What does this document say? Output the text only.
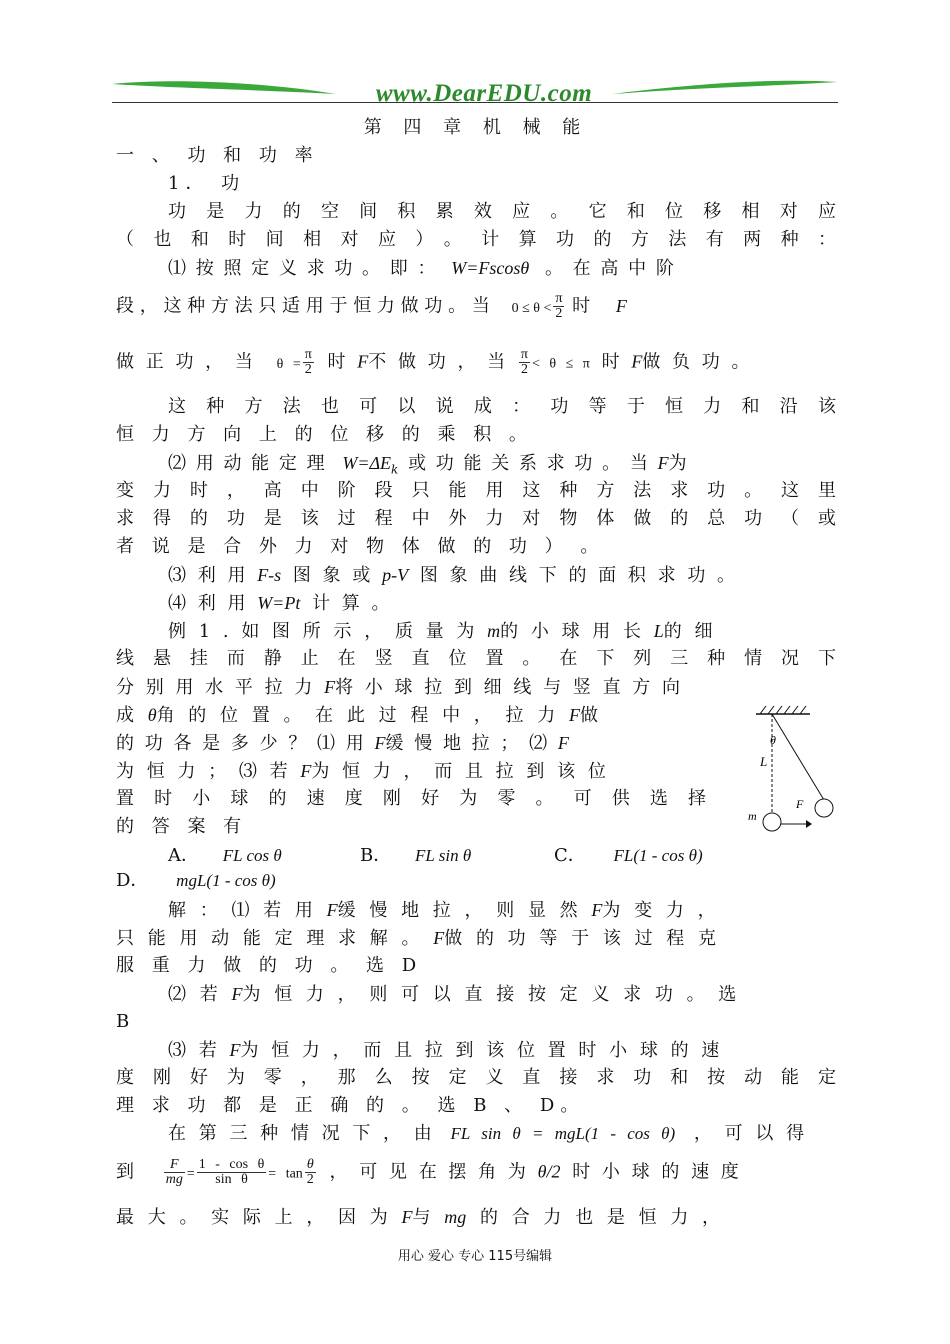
www.DearEDU.com
第 四 章 机 械 能
一 、 功 和 功 率
1． 功
功是力的空间积累效应。它和位移相对应
（也和时间相对应）。计算功的方法有两种：
⑴ 按 照 定 义 求 功 。 即 ： W=Fscosθ 。 在 高 中 阶
段 ， 这 种 方 法 只 适 用 于 恒 力 做 功 。 当 $0 \le \theta < \frac{\pi}{2}$ 时 F
做 正 功 ， 当 $\theta = \frac{\pi}{2}$ 时 F不 做 功 ， 当 $\frac{\pi}{2} < \theta \le \pi$ 时 F做 负 功 。
这种方法也可以说成：功等于恒力和沿该
恒 力 方 向 上 的 位 移 的 乘 积 。
⑵ 用 动 能 定 理 $W=\Delta E_k$ 或 功 能 关 系 求 功 。 当 F为
变力时，高中阶段只能用这种方法求功。这里
求得的功是该过程中外力对物体做的总功（或
者 说 是 合 外 力 对 物 体 做 的 功 ） 。
⑶ 利 用 F-s 图 象 或 p-V 图 象 曲 线 下 的 面 积 求 功 。
⑷ 利 用 W=Pt 计 算 。
例 1 . 如 图 所 示 ， 质 量 为 m的 小 球 用 长 L的 细
线悬挂而静止在竖直位置。在下列三种情况下
分 别 用 水 平 拉 力 F将 小 球 拉 到 细 线 与 竖 直 方 向
成 θ角 的 位 置 。 在 此 过 程 中 ， 拉 力 F做
的 功 各 是 多 少 ？ ⑴ 用 F缓 慢 地 拉 ； ⑵ F
为 恒 力 ； ⑶ 若 F为 恒 力 ， 而 且 拉 到 该 位
置时小球的速度刚好为零。可供选择
的 答 案 有
θ
L
m
F
A． FL cos θ	B． FL sin θ	C． FL(1 - cos θ)
D． mgL(1 - cos θ)
解 ： ⑴ 若 用 F缓 慢 地 拉 ， 则 显 然 F为 变 力 ，
只 能 用 动 能 定 理 求 解 。 F做 的 功 等 于 该 过 程 克
服 重 力 做 的 功 。 选 D
⑵ 若 F为 恒 力 ， 则 可 以 直 接 按 定 义 求 功 。 选
B
⑶ 若 F为 恒 力 ， 而 且 拉 到 该 位 置 时 小 球 的 速
度刚好为零，那么按定义直接求功和按动能定
理 求 功 都 是 正 确 的 。 选 B 、 D。
在 第 三 种 情 况 下 ， 由 FL sin θ = mgL(1 - cos θ) ， 可 以 得
到 $\frac{F}{mg} = \frac{\text{1 - cos θ}}{\text{sin θ}} = \tan \frac{\theta}{2}$ ， 可 见 在 摆 角 为 θ/2 时 小 球 的 速 度
最 大 。 实 际 上 ， 因 为 F与 mg 的 合 力 也 是 恒 力 ，
用心 爱心 专心 115号编辑
